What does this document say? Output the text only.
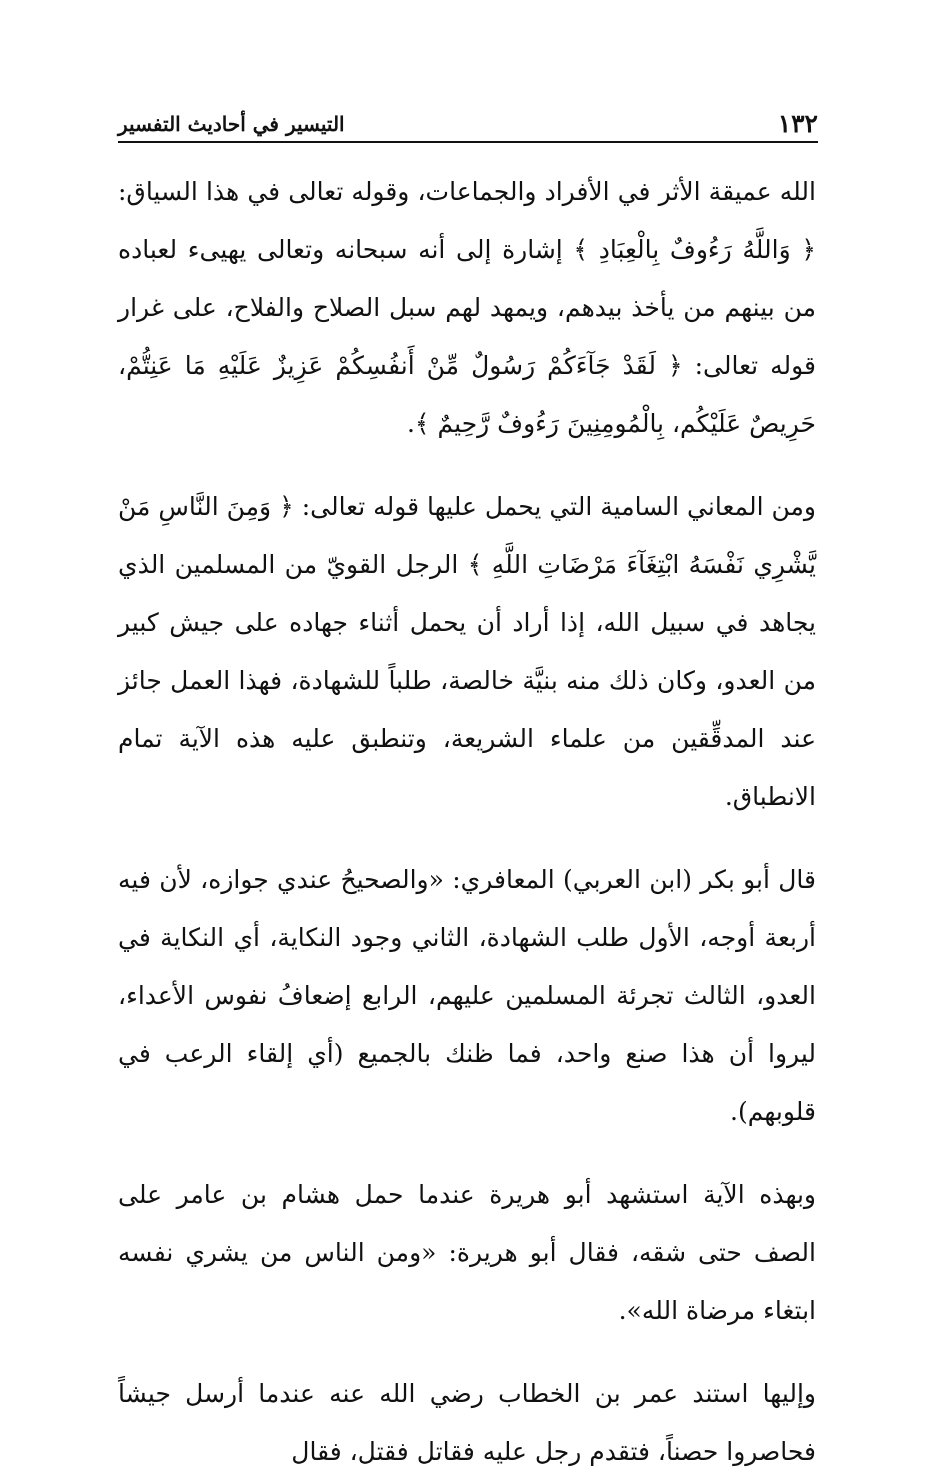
١٣٢
التيسير في أحاديث التفسير

الله عميقة الأثر في الأفراد والجماعات، وقوله تعالى في هذا السياق: ﴿ وَاللَّهُ رَءُوفٌ بِالْعِبَادِ ﴾ إشارة إلى أنه سبحانه وتعالى يهيىء لعباده من بينهم من يأخذ بيدهم، ويمهد لهم سبل الصلاح والفلاح، على غرار قوله تعالى: ﴿ لَقَدْ جَآءَكُمْ رَسُولٌ مِّنْ أَنفُسِكُمْ عَزِيزٌ عَلَيْهِ مَا عَنِتُّمْ، حَرِيصٌ عَلَيْكُم، بِالْمُومِنِينَ رَءُوفٌ رَّحِيمٌ ﴾.

ومن المعاني السامية التي يحمل عليها قوله تعالى: ﴿ وَمِنَ النَّاسِ مَنْ يَّشْرِي نَفْسَهُ ابْتِغَآءَ مَرْضَاتِ اللَّهِ ﴾ الرجل القويّ من المسلمين الذي يجاهد في سبيل الله، إذا أراد أن يحمل أثناء جهاده على جيش كبير من العدو، وكان ذلك منه بنيَّة خالصة، طلباً للشهادة، فهذا العمل جائز عند المدقِّقين من علماء الشريعة، وتنطبق عليه هذه الآية تمام الانطباق.

قال أبو بكر (ابن العربي) المعافري: «والصحيحُ عندي جوازه، لأن فيه أربعة أوجه، الأول طلب الشهادة، الثاني وجود النكاية، أي النكاية في العدو، الثالث تجرئة المسلمين عليهم، الرابع إضعافُ نفوس الأعداء، ليروا أن هذا صنع واحد، فما ظنك بالجميع (أي إلقاء الرعب في قلوبهم).

وبهذه الآية استشهد أبو هريرة عندما حمل هشام بن عامر على الصف حتى شقه، فقال أبو هريرة: «ومن الناس من يشري نفسه ابتغاء مرضاة الله».

وإليها استند عمر بن الخطاب رضي الله عنه عندما أرسل جيشاً فحاصروا حصناً، فتقدم رجل عليه فقاتل فقتل، فقال
